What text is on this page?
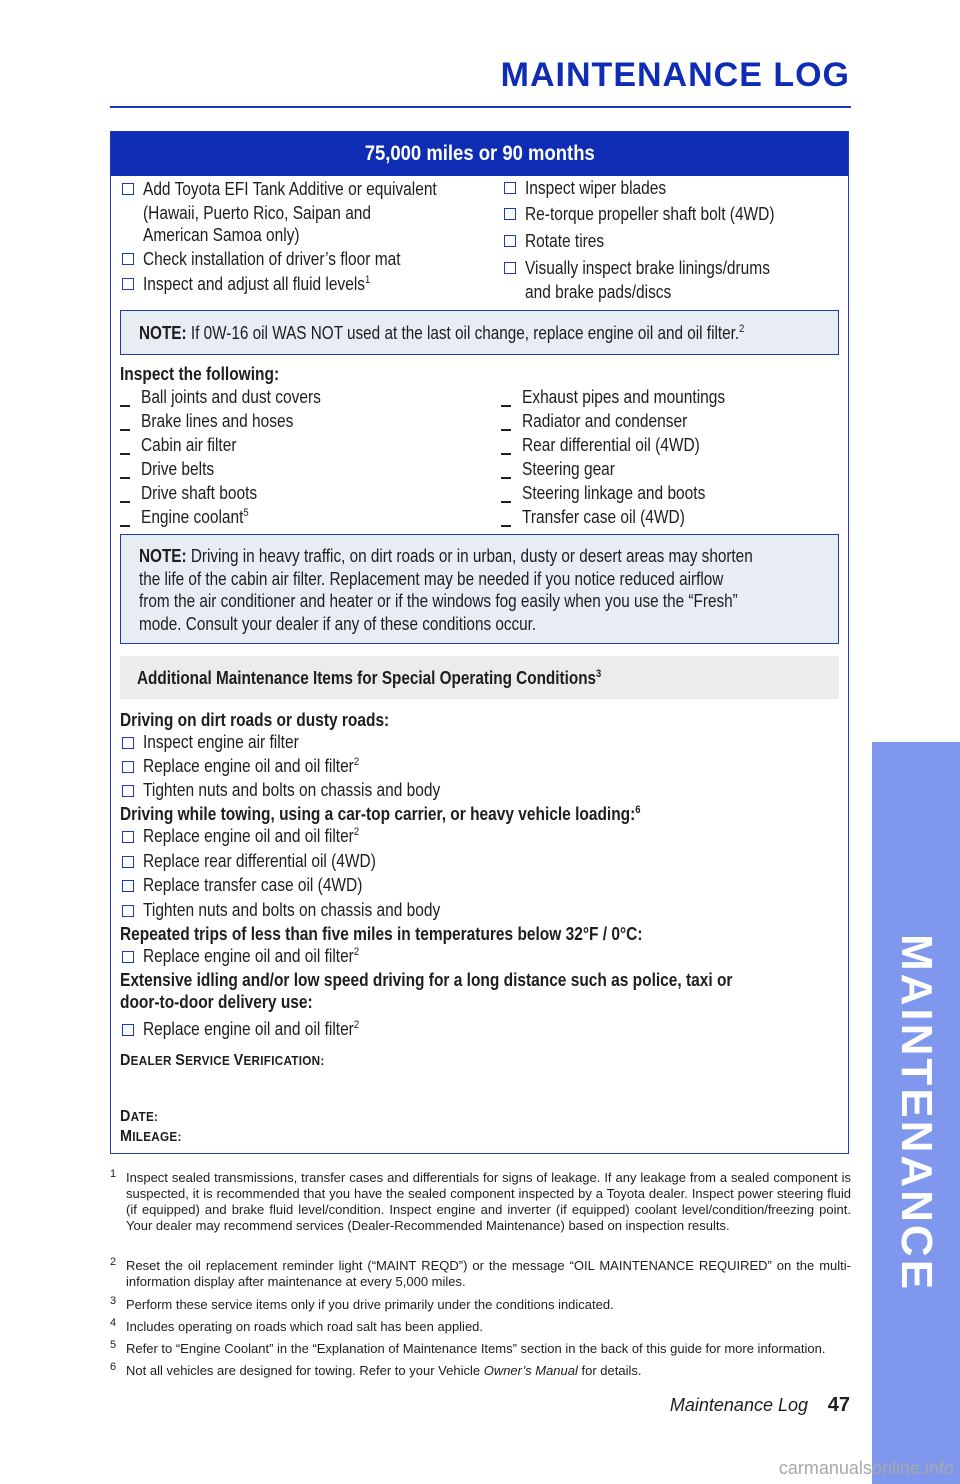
MAINTENANCE LOG
MAINTENANCE
75,000 miles or 90 months
Add Toyota EFI Tank Additive or equivalent
(Hawaii, Puerto Rico, Saipan and
American Samoa only)
Check installation of driver’s floor mat
Inspect and adjust all fluid levels$^1$
Inspect wiper blades
Re-torque propeller shaft bolt (4WD)
Rotate tires
Visually inspect brake linings/drums
and brake pads/discs
NOTE: If 0W-16 oil WAS NOT used at the last oil change, replace engine oil and oil filter.$^2$
Inspect the following:
Ball joints and dust covers
Brake lines and hoses
Cabin air filter
Drive belts
Drive shaft boots
Engine coolant$^5$
Exhaust pipes and mountings
Radiator and condenser
Rear differential oil (4WD)
Steering gear
Steering linkage and boots
Transfer case oil (4WD)
NOTE: Driving in heavy traffic, on dirt roads or in urban, dusty or desert areas may shorten
the life of the cabin air filter. Replacement may be needed if you notice reduced airflow
from the air conditioner and heater or if the windows fog easily when you use the “Fresh”
mode. Consult your dealer if any of these conditions occur.
Additional Maintenance Items for Special Operating Conditions$^3$
Driving on dirt roads or dusty roads:
Inspect engine air filter
Replace engine oil and oil filter$^2$
Tighten nuts and bolts on chassis and body
Driving while towing, using a car-top carrier, or heavy vehicle loading:$^6$
Replace engine oil and oil filter$^2$
Replace rear differential oil (4WD)
Replace transfer case oil (4WD)
Tighten nuts and bolts on chassis and body
Repeated trips of less than five miles in temperatures below 32°F / 0°C:
Replace engine oil and oil filter$^2$
Extensive idling and/or low speed driving for a long distance such as police, taxi or
door-to-door delivery use:
Replace engine oil and oil filter$^2$
DEALER SERVICE VERIFICATION:
DATE:
MILEAGE:
1 Inspect sealed transmissions, transfer cases and differentials for signs of leakage. If any leakage from a sealed component is suspected, it is recommended that you have the sealed component inspected by a Toyota dealer. Inspect power steering fluid (if equipped) and brake fluid level/condition. Inspect engine and inverter (if equipped) coolant level/condition/freezing point. Your dealer may recommend services (Dealer-Recommended Maintenance) based on inspection results.
2 Reset the oil replacement reminder light (“MAINT REQD”) or the message “OIL MAINTENANCE REQUIRED” on the multi-information display after maintenance at every 5,000 miles.
3 Perform these service items only if you drive primarily under the conditions indicated.
4 Includes operating on roads which road salt has been applied.
5 Refer to “Engine Coolant” in the “Explanation of Maintenance Items” section in the back of this guide for more information.
6 Not all vehicles are designed for towing. Refer to your Vehicle Owner’s Manual for details.
Maintenance Log 47
carmanualsonline.info
